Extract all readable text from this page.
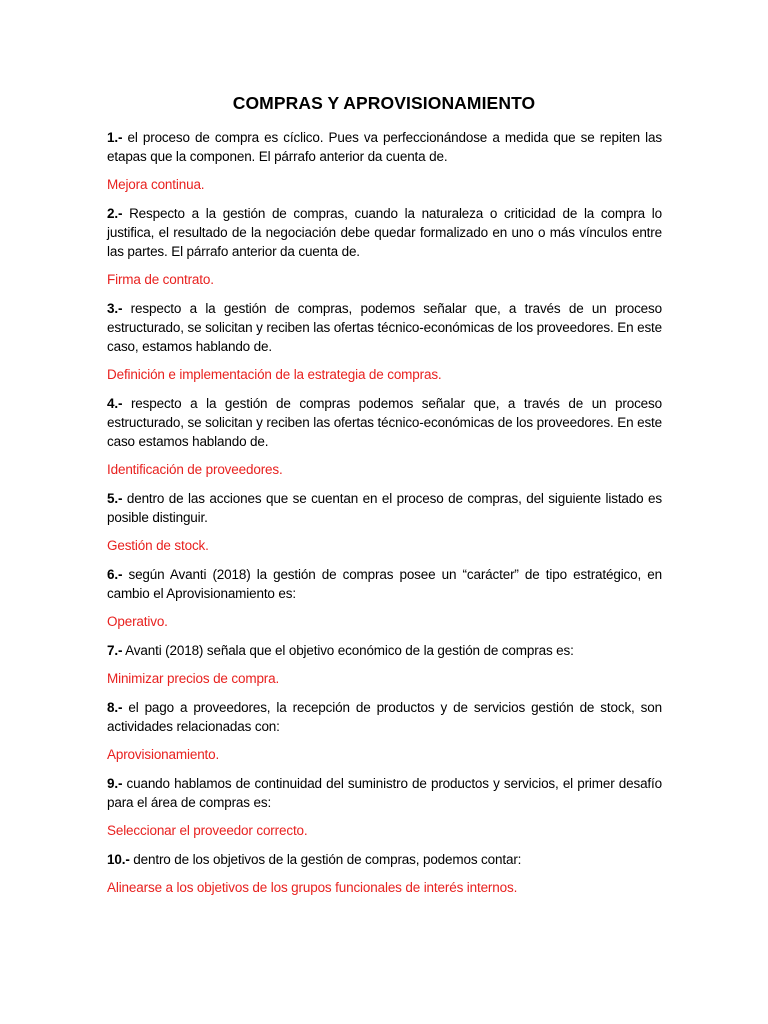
COMPRAS Y APROVISIONAMIENTO

1.- el proceso de compra es cíclico. Pues va perfeccionándose a medida que se repiten las etapas que la componen. El párrafo anterior da cuenta de.

Mejora continua.

2.- Respecto a la gestión de compras, cuando la naturaleza o criticidad de la compra lo justifica, el resultado de la negociación debe quedar formalizado en uno o más vínculos entre las partes. El párrafo anterior da cuenta de.

Firma de contrato.

3.- respecto a la gestión de compras, podemos señalar que, a través de un proceso estructurado, se solicitan y reciben las ofertas técnico-económicas de los proveedores. En este caso, estamos hablando de.

Definición e implementación de la estrategia de compras.

4.- respecto a la gestión de compras podemos señalar que, a través de un proceso estructurado, se solicitan y reciben las ofertas técnico-económicas de los proveedores. En este caso estamos hablando de.

Identificación de proveedores.

5.- dentro de las acciones que se cuentan en el proceso de compras, del siguiente listado es posible distinguir.

Gestión de stock.

6.- según Avanti (2018) la gestión de compras posee un “carácter” de tipo estratégico, en cambio el Aprovisionamiento es:

Operativo.

7.- Avanti (2018) señala que el objetivo económico de la gestión de compras es:

Minimizar precios de compra.

8.- el pago a proveedores, la recepción de productos y de servicios gestión de stock, son actividades relacionadas con:

Aprovisionamiento.

9.- cuando hablamos de continuidad del suministro de productos y servicios, el primer desafío para el área de compras es:

Seleccionar el proveedor correcto.

10.- dentro de los objetivos de la gestión de compras, podemos contar:

Alinearse a los objetivos de los grupos funcionales de interés internos.
